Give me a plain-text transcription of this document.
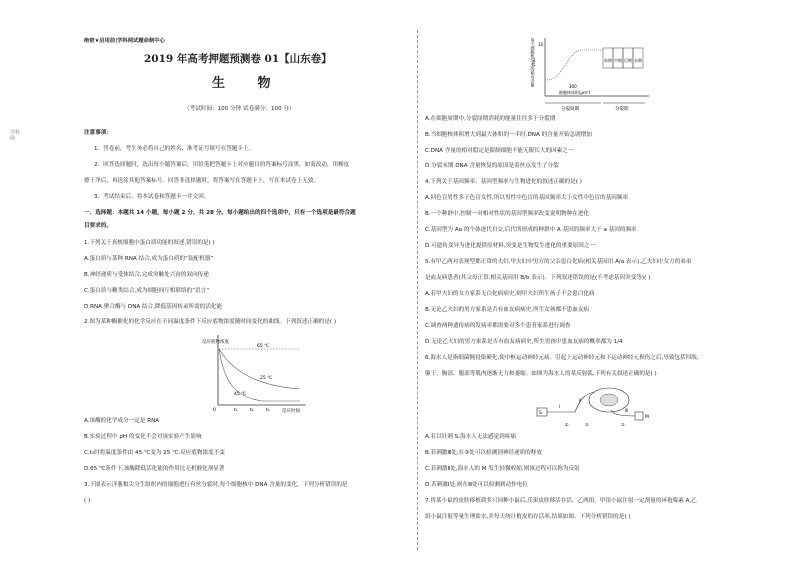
学科网
绝密★启用前|学科网试题命制中心
2019 年高考押题预测卷 01【山东卷】
生 物
（考试时间：100 分钟 试卷满分：100 分）
注意事项：
1．答卷前，考生务必将自己的姓名、准考证号填写在答题卡上。
2．回答选择题时，选出每小题答案后，用铅笔把答题卡上对应题目的答案标号涂黑。如需改动，用橡皮
擦干净后，再选涂其他答案标号。回答非选择题时，将答案写在答题卡上，写在本试卷上无效。
3．考试结束后，将本试卷和答题卡一并交回。
一、选择题：本题共 14 小题，每小题 2 分，共 28 分。每小题给出的四个选项中，只有一个选项是最符合题
目要求的。
1.下列关于真核细胞中蛋白质功能的叙述,错误的是( )
A.蛋白质与某种 RNA 结合,成为蛋白质的“装配机器”
B.神经递质与受体结合,完成突触处兴奋的双向传递
C.蛋白质与糖类结合,成为细胞间互相联络的“语言”
D.RNA 聚合酶与 DNA 结合,降低基因转录所需的活化能
2.图为某种酶催化的化学反应在不同温度条件下反应底物浓度随时间变化的曲线。下列叙述正确的是( )
反应底物浓度
反应时间
0
65 ℃
25 ℃
45 ℃
t₁	t₂	t₃
A.该酶的化学成分一定是 RNA
B.实验过程中 pH 的变化不会对该实验产生影响
C.t₂时将温度条件由 45 ℃变为 25 ℃,反应底物浓度不变
D.65 ℃条件下,该酶降低活化能的作用比无机催化剂显著
3.下图表示洋葱根尖分生组织内的细胞进行有丝分裂时,每个细胞核中 DNA 含量的变化。下列分析错误的是
( )
每个细胞核DNA的相对含量 10
前期 中期 后期 末期
300
细胞核体积(μm³)
分裂间期	分裂期
A.在细胞周期中,分裂间期消耗的能量往往多于分裂期
B.当细胞核体积增大到最大体积的一半时,DNA 的含量开始急剧增加
C.DNA 含量的相对稳定是限制细胞不能无限长大的因素之一
D.分裂末期 DNA 含量恢复的原因是着丝点发生了分裂
4.下列关于基因频率、基因型频率与生物进化的叙述正确的是( )
A.回色盲男性多于色盲女性,所以男性中色盲的基因频率大于女性中色盲的基因频率
B.一个种群中,控制一对相对性状的基因型频率改变说明物种在进化
C.基因型为 Aa 的个体逐代自交,后代所形成的种群中 A 基因的频率大于 a 基因的频率
D.可遗传变异为进化提供原材料,突变是生物发生进化的重要原因之一
5.有甲乙两对表现型都正常的夫妇,甲夫妇中男方的父亲患白化病(相关基因用 A/a 表示),乙夫妇中女方的弟弟
是血友病患者(其父母正常,相关基因用 B/b 表示)。下列叙述错误的是(不考虑基因突变等)( )
A.若甲夫妇的女方家系无白化病病史,则甲夫妇所生孩子不会患白化病
B.无论乙夫妇的男方家系是否有血友病病史,所生女孩都不患血友病
C.调查两种遗传病的发病率都需要对多个患者家系进行调查
D.无论乙夫妇的男方家系是否有血友病病史,所生男孩中患血友病的概率都为 1/4
6.海水人是指细菌缠侵染硬化,使中枢运动神经元病、引起上运动神经元和下运动神经元损伤之后,导致包括四肢、
躯干、胸部、腹部等肌肉逐渐无力和萎缩。如图为海水人的某反射弧,下列有关叙述正确的是( )
S
M
①	②	③
Ⅰ
Ⅱ
Ⅲ
A.若以针刺 S,海水人无法感觉到疼痛
B.若刺激Ⅲ处,在③处可以检测到神经递质的释放
C.若刺激Ⅱ处,海水人的 M 发生轻微收缩,则该过程可以称为反射
D.若刺激Ⅰ处,则在Ⅲ处可以检测到动作电位
7.将某小鼠的皮肤移植到多只同种小鼠后,乐果皮肤移活存活、乙两组。甲组小鼠注射一定剂量的环孢霉素 A,乙
组小鼠注射等量生理盐水,并每天统计植皮的存活率,结果如图。下列分析错误的是( )
